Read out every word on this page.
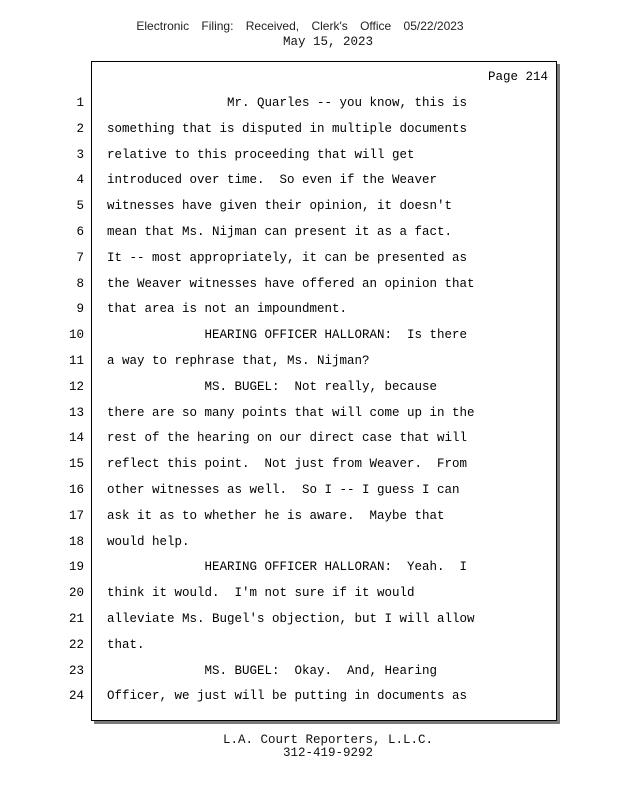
Electronic Filing: Received, Clerk's Office 05/22/2023
May 15, 2023
Page 214
1 Mr. Quarles -- you know, this is
2 something that is disputed in multiple documents
3 relative to this proceeding that will get
4 introduced over time.  So even if the Weaver
5 witnesses have given their opinion, it doesn't
6 mean that Ms. Nijman can present it as a fact.
7 It -- most appropriately, it can be presented as
8 the Weaver witnesses have offered an opinion that
9 that area is not an impoundment.
10 HEARING OFFICER HALLORAN:  Is there
11 a way to rephrase that, Ms. Nijman?
12 MS. BUGEL:  Not really, because
13 there are so many points that will come up in the
14 rest of the hearing on our direct case that will
15 reflect this point.  Not just from Weaver.  From
16 other witnesses as well.  So I -- I guess I can
17 ask it as to whether he is aware.  Maybe that
18 would help.
19 HEARING OFFICER HALLORAN:  Yeah.  I
20 think it would.  I'm not sure if it would
21 alleviate Ms. Bugel's objection, but I will allow
22 that.
23 MS. BUGEL:  Okay.  And, Hearing
24 Officer, we just will be putting in documents as
L.A. Court Reporters, L.L.C.
312-419-9292
